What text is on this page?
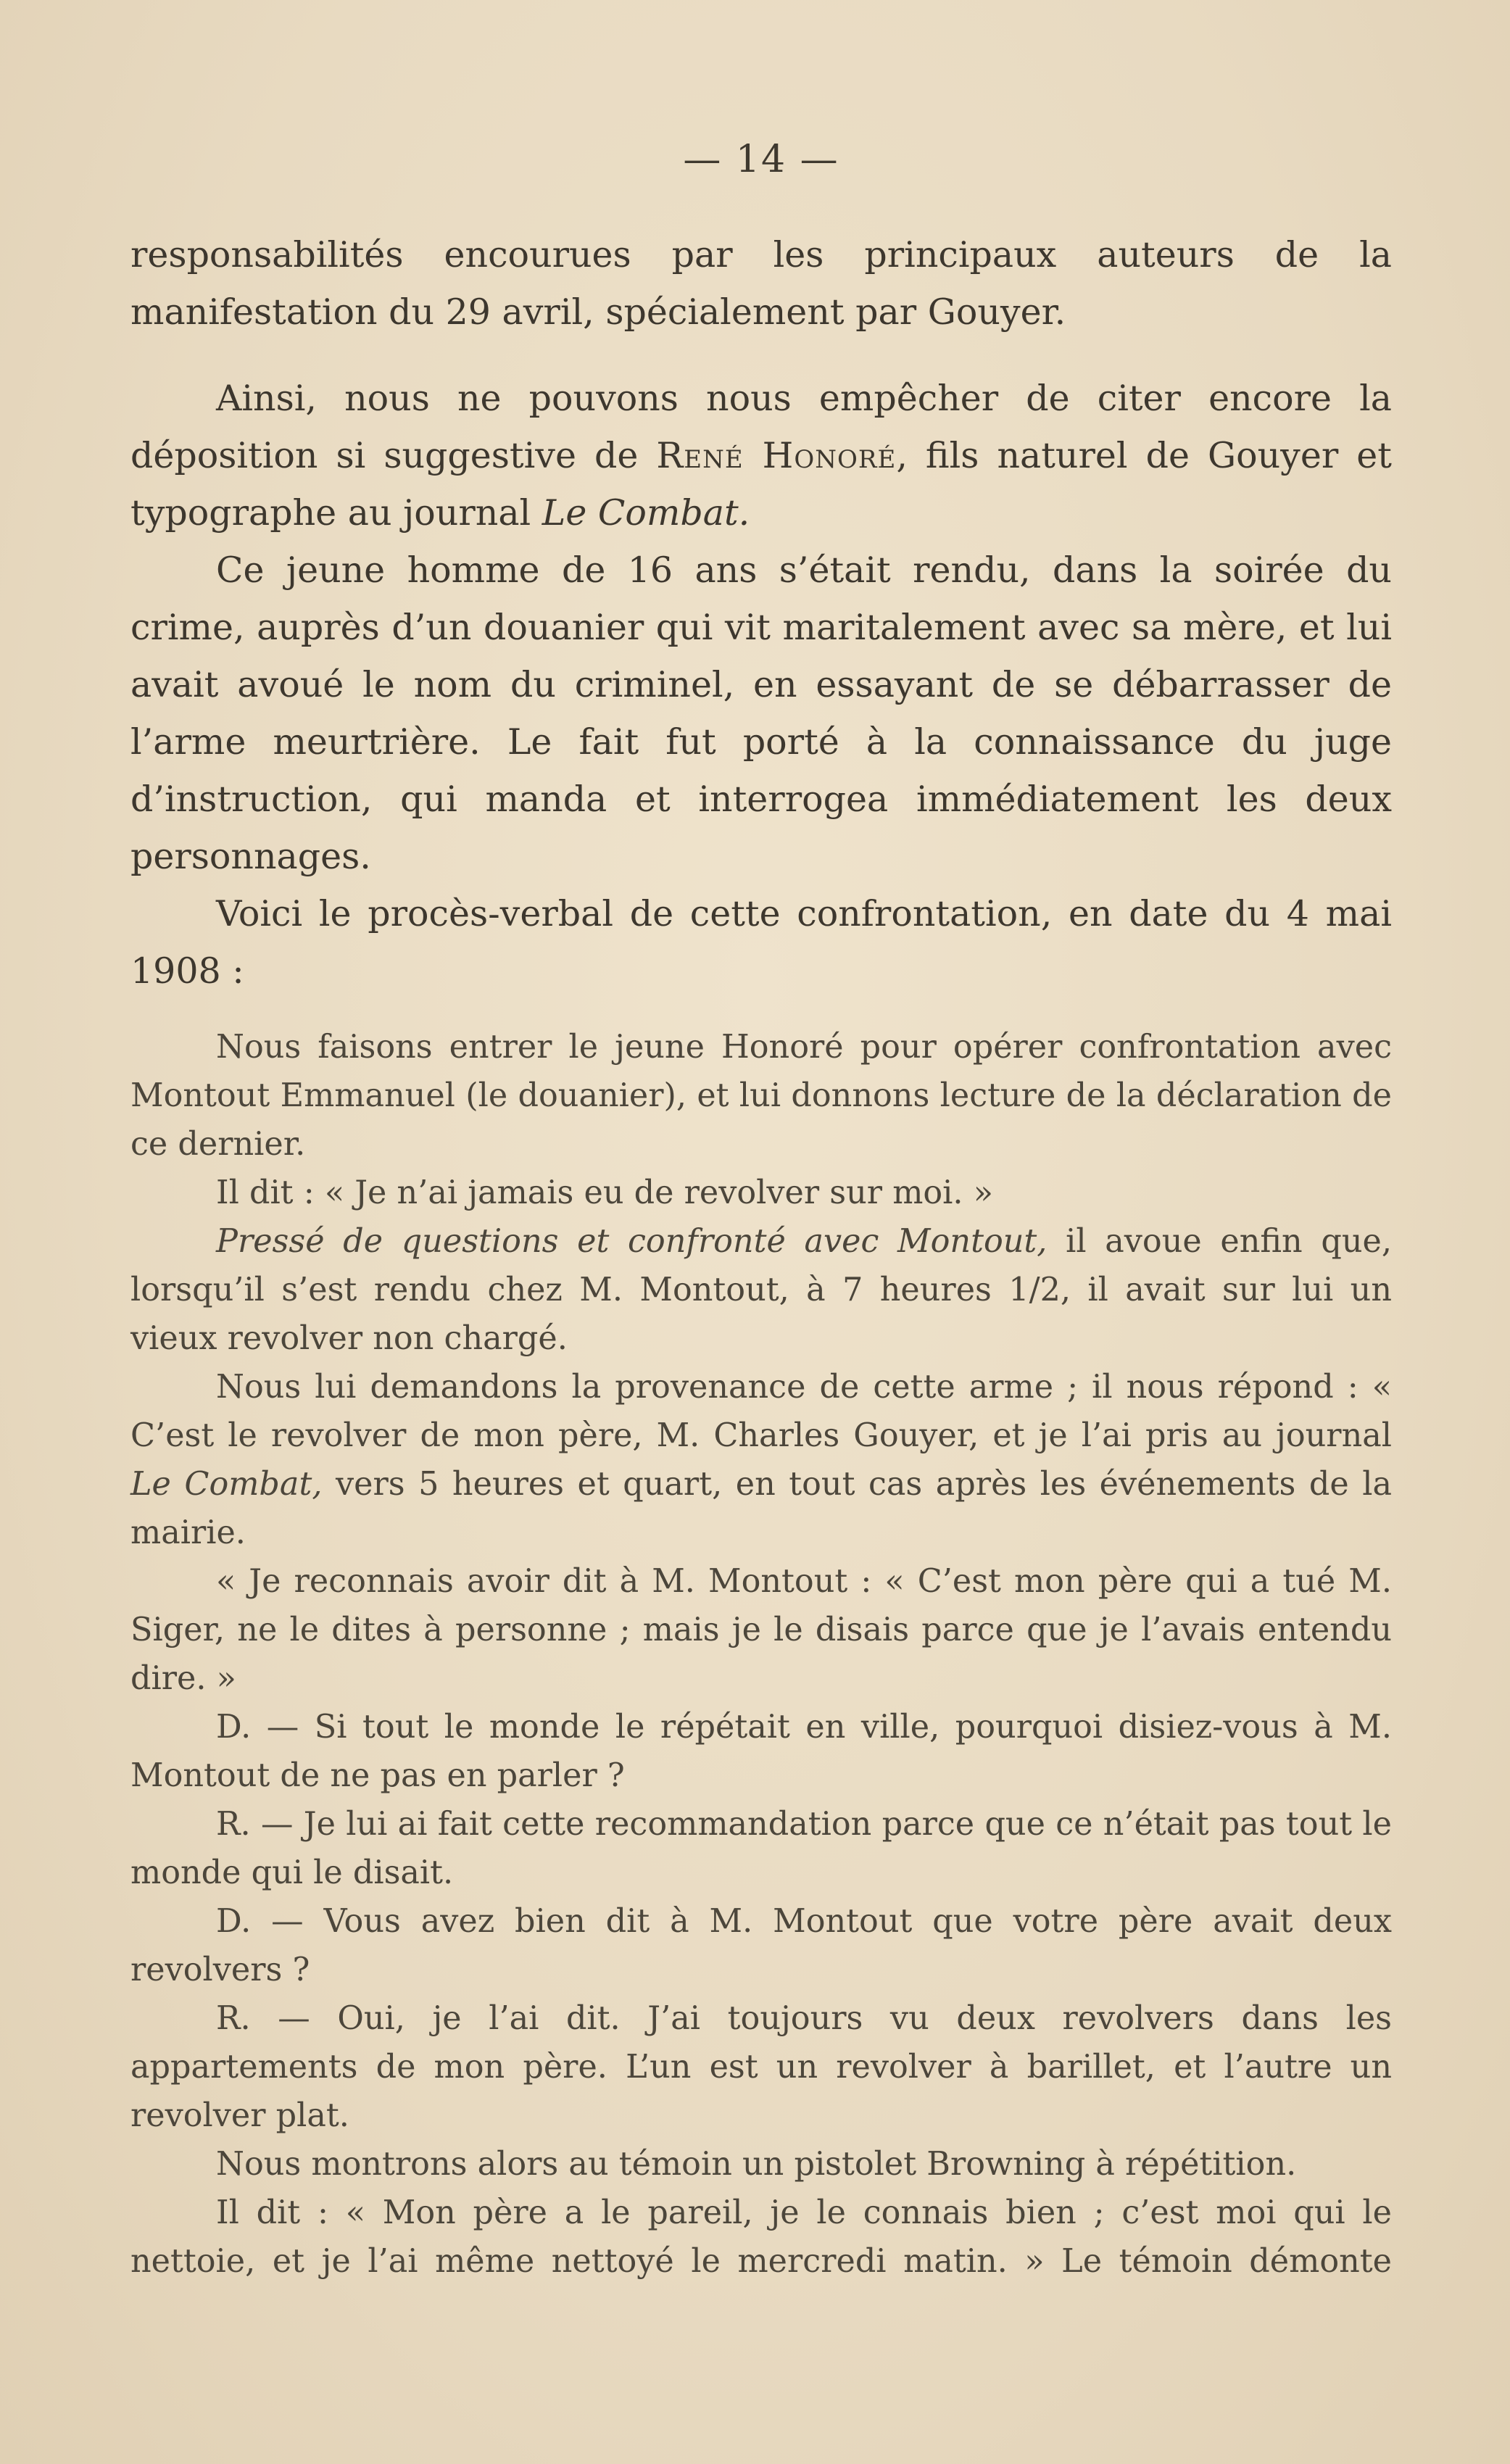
— 14 —

responsabilités encourues par les principaux auteurs de la manifestation du 29 avril, spécialement par Gouyer.

Ainsi, nous ne pouvons nous empêcher de citer encore la déposition si suggestive de René Honoré, fils naturel de Gouyer et typographe au journal Le Combat.

Ce jeune homme de 16 ans s’était rendu, dans la soirée du crime, auprès d’un douanier qui vit maritalement avec sa mère, et lui avait avoué le nom du criminel, en essayant de se débarrasser de l’arme meurtrière. Le fait fut porté à la connaissance du juge d’instruction, qui manda et interrogea immédiatement les deux personnages.

Voici le procès-verbal de cette confrontation, en date du 4 mai 1908 :

Nous faisons entrer le jeune Honoré pour opérer confrontation avec Montout Emmanuel (le douanier), et lui donnons lecture de la déclaration de ce dernier.

Il dit : « Je n’ai jamais eu de revolver sur moi. »

Pressé de questions et confronté avec Montout, il avoue enfin que, lorsqu’il s’est rendu chez M. Montout, à 7 heures 1/2, il avait sur lui un vieux revolver non chargé.

Nous lui demandons la provenance de cette arme ; il nous répond : « C’est le revolver de mon père, M. Charles Gouyer, et je l’ai pris au journal Le Combat, vers 5 heures et quart, en tout cas après les événements de la mairie.

« Je reconnais avoir dit à M. Montout : « C’est mon père qui a tué M. Siger, ne le dites à personne ; mais je le disais parce que je l’avais entendu dire. »

D. — Si tout le monde le répétait en ville, pourquoi disiez-vous à M. Montout de ne pas en parler ?

R. — Je lui ai fait cette recommandation parce que ce n’était pas tout le monde qui le disait.

D. — Vous avez bien dit à M. Montout que votre père avait deux revolvers ?

R. — Oui, je l’ai dit. J’ai toujours vu deux revolvers dans les appartements de mon père. L’un est un revolver à barillet, et l’autre un revolver plat.

Nous montrons alors au témoin un pistolet Browning à répétition.

Il dit : « Mon père a le pareil, je le connais bien ; c’est moi qui le nettoie, et je l’ai même nettoyé le mercredi matin. » Le témoin démonte
